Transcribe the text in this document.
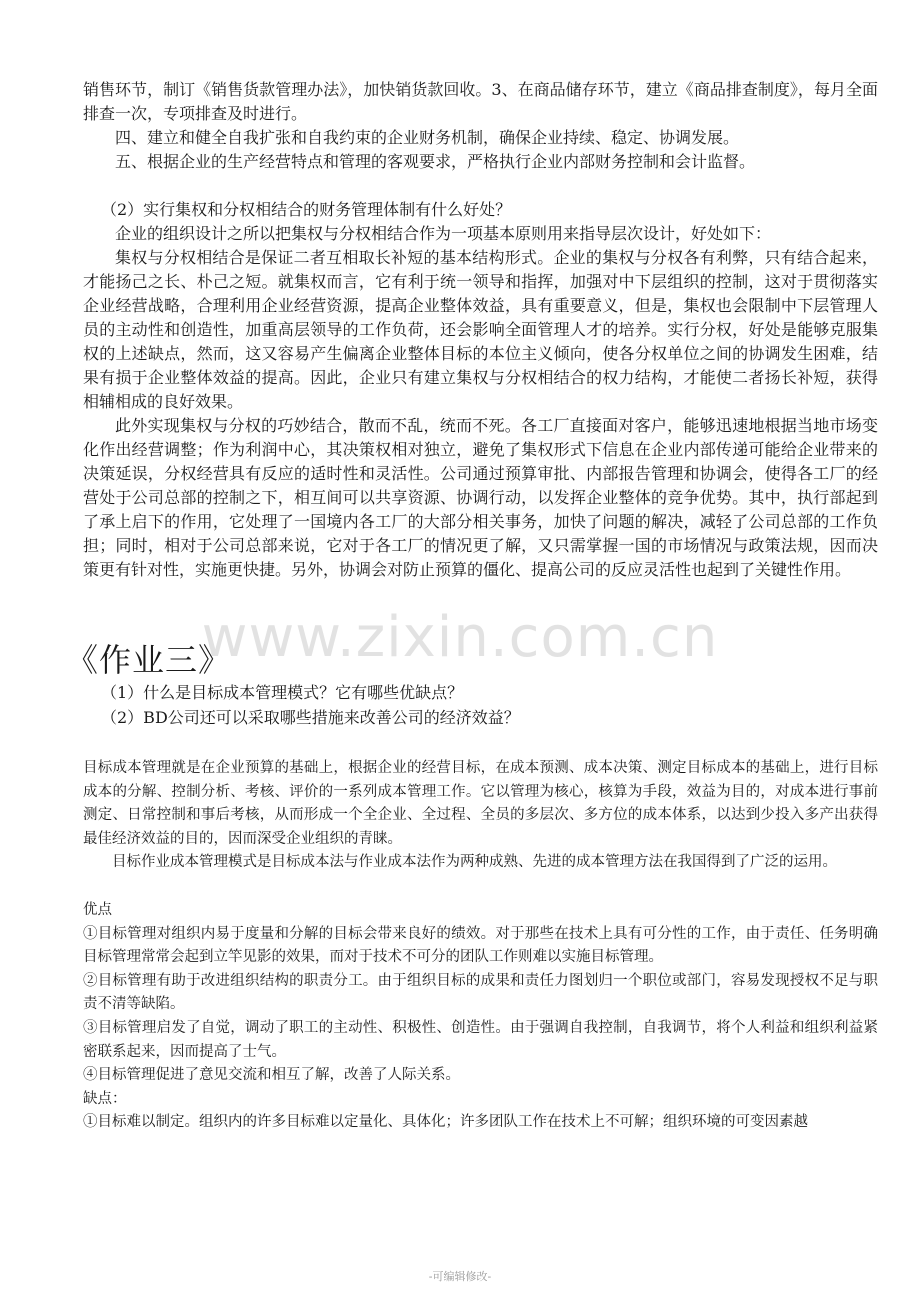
www.zixin.com.cn

销售环节，制订《销售货款管理办法》，加快销货款回收。3、在商品储存环节，建立《商品排查制度》，每月全面排查一次，专项排查及时进行。

四、建立和健全自我扩张和自我约束的企业财务机制，确保企业持续、稳定、协调发展。

五、根据企业的生产经营特点和管理的客观要求，严格执行企业内部财务控制和会计监督。

（2）实行集权和分权相结合的财务管理体制有什么好处？

企业的组织设计之所以把集权与分权相结合作为一项基本原则用来指导层次设计，好处如下：

集权与分权相结合是保证二者互相取长补短的基本结构形式。企业的集权与分权各有利弊，只有结合起来，才能扬己之长、朴己之短。就集权而言，它有利于统一领导和指挥，加强对中下层组织的控制，这对于贯彻落实企业经营战略，合理利用企业经营资源，提高企业整体效益，具有重要意义，但是，集权也会限制中下层管理人员的主动性和创造性，加重高层领导的工作负荷，还会影响全面管理人才的培养。实行分权，好处是能够克服集权的上述缺点，然而，这又容易产生偏离企业整体目标的本位主义倾向，使各分权单位之间的协调发生困难，结果有损于企业整体效益的提高。因此，企业只有建立集权与分权相结合的权力结构，才能使二者扬长补短，获得相辅相成的良好效果。

此外实现集权与分权的巧妙结合，散而不乱，统而不死。各工厂直接面对客户，能够迅速地根据当地市场变化作出经营调整；作为利润中心，其决策权相对独立，避免了集权形式下信息在企业内部传递可能给企业带来的决策延误，分权经营具有反应的适时性和灵活性。公司通过预算审批、内部报告管理和协调会，使得各工厂的经营处于公司总部的控制之下，相互间可以共享资源、协调行动，以发挥企业整体的竞争优势。其中，执行部起到了承上启下的作用，它处理了一国境内各工厂的大部分相关事务，加快了问题的解决，减轻了公司总部的工作负担；同时，相对于公司总部来说，它对于各工厂的情况更了解，又只需掌握一国的市场情况与政策法规，因而决策更有针对性，实施更快捷。另外，协调会对防止预算的僵化、提高公司的反应灵活性也起到了关键性作用。

《作业三》

（1）什么是目标成本管理模式？它有哪些优缺点？

（2）BD公司还可以采取哪些措施来改善公司的经济效益？

目标成本管理就是在企业预算的基础上，根据企业的经营目标，在成本预测、成本决策、测定目标成本的基础上，进行目标成本的分解、控制分析、考核、评价的一系列成本管理工作。它以管理为核心，核算为手段，效益为目的，对成本进行事前测定、日常控制和事后考核，从而形成一个全企业、全过程、全员的多层次、多方位的成本体系，以达到少投入多产出获得最佳经济效益的目的，因而深受企业组织的青睐。

目标作业成本管理模式是目标成本法与作业成本法作为两种成熟、先进的成本管理方法在我国得到了广泛的运用。

优点

①目标管理对组织内易于度量和分解的目标会带来良好的绩效。对于那些在技术上具有可分性的工作，由于责任、任务明确目标管理常常会起到立竿见影的效果，而对于技术不可分的团队工作则难以实施目标管理。

②目标管理有助于改进组织结构的职责分工。由于组织目标的成果和责任力图划归一个职位或部门，容易发现授权不足与职责不清等缺陷。

③目标管理启发了自觉，调动了职工的主动性、积极性、创造性。由于强调自我控制，自我调节，将个人利益和组织利益紧密联系起来，因而提高了士气。

④目标管理促进了意见交流和相互了解，改善了人际关系。

缺点：

①目标难以制定。组织内的许多目标难以定量化、具体化；许多团队工作在技术上不可解；组织环境的可变因素越

-可编辑修改-
